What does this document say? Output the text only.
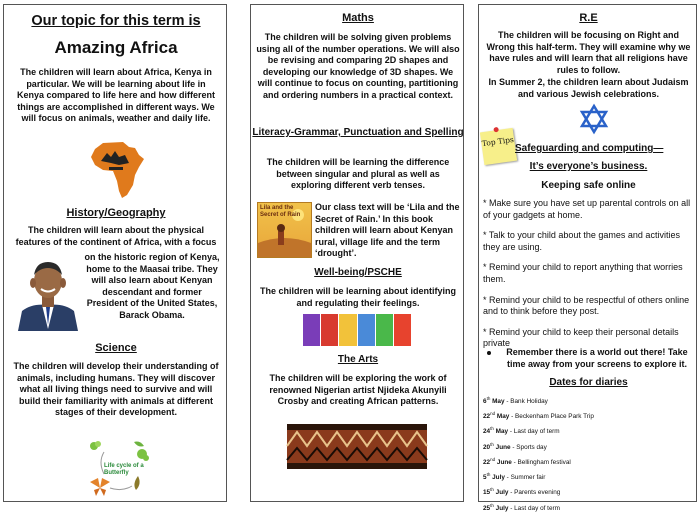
Our topic for this term is
Amazing Africa
The children will learn about Africa, Kenya in particular. We will be learning about life in Kenya compared to life here and how different things are accomplished in different ways. We will focus on animals, weather and daily life.
History/Geography
The children will learn about the physical features of the continent of Africa, with a focus
on the historic region of Kenya, home to the Maasai tribe. They will also learn about Kenyan descendant and former President of the United States, Barack Obama.
Science
The children will develop their understanding of animals, including humans. They will discover what all living things need to survive and will build their familiarity with animals at different stages of their development.
Life cycle of a Butterfly
Maths
The children will be solving given problems using all of the number operations. We will also be revising and comparing 2D shapes and developing our knowledge of 3D shapes. We will continue to focus on counting, partitioning and ordering numbers in a practical context.
Literacy-Grammar, Punctuation and Spelling
The children will be learning the difference between singular and plural as well as exploring different verb tenses.
Lila and the Secret of Rain
Our class text will be ‘Lila and the Secret of Rain.’ In this book children will learn about Kenyan rural, village life and the term ‘drought’.
Well-being/PSCHE
The children will be learning about identifying and regulating their feelings.
The Arts
The children will be exploring the work of renowned Nigerian artist Njideka Akunyili Crosby and creating African patterns.
R.E
The children will be focusing on Right and Wrong this half-term. They will examine why we have rules and will learn that all religions have rules to follow.
In Summer 2, the children learn about Judaism and various Jewish celebrations.
Top Tips
Safeguarding and computing—
It’s everyone’s business.
Keeping safe online
* Make sure you have set up parental controls on all of your gadgets at home.
* Talk to your child about the games and activities they are using.
* Remind your child to report anything that worries them.
* Remind your child to be respectful of others online and to think before they post.
* Remind your child to keep their personal details private
Remember there is a world out there! Take time away from your screens to explore it.
Dates for diaries
6th May - Bank Holiday
22nd May - Beckenham Place Park Trip
24th May - Last day of term
20th June - Sports day
22nd June - Bellingham festival
5th July - Summer fair
15th July - Parents evening
25th July - Last day of term
